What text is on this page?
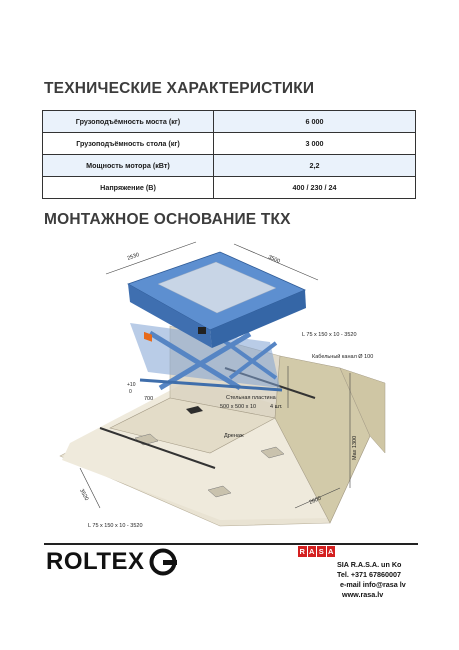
ТЕХНИЧЕСКИЕ ХАРАКТЕРИСТИКИ
Грузоподъёмность моста (кг)	6 000
Грузоподъёмность стола (кг)	3 000
Мощность мотора (кВт)	2,2
Напряжение (В)	400 / 230 / 24
МОНТАЖНОЕ ОСНОВАНИЕ ТКХ
2530	3500
L 75 x 150 x 10 - 3520
Кабельный канал Ø 100
+10
0
700	Стельная пластина
500 x 500 x 10	4 шт.
Дренаж
3520	2600
Max 1300
L 75 x 150 x 10 - 3520
ROLTEX	R A S A
SIA R.A.S.A. un Ko
Tel. +371 67860007
e-mail info@rasa lv
www.rasa.lv
